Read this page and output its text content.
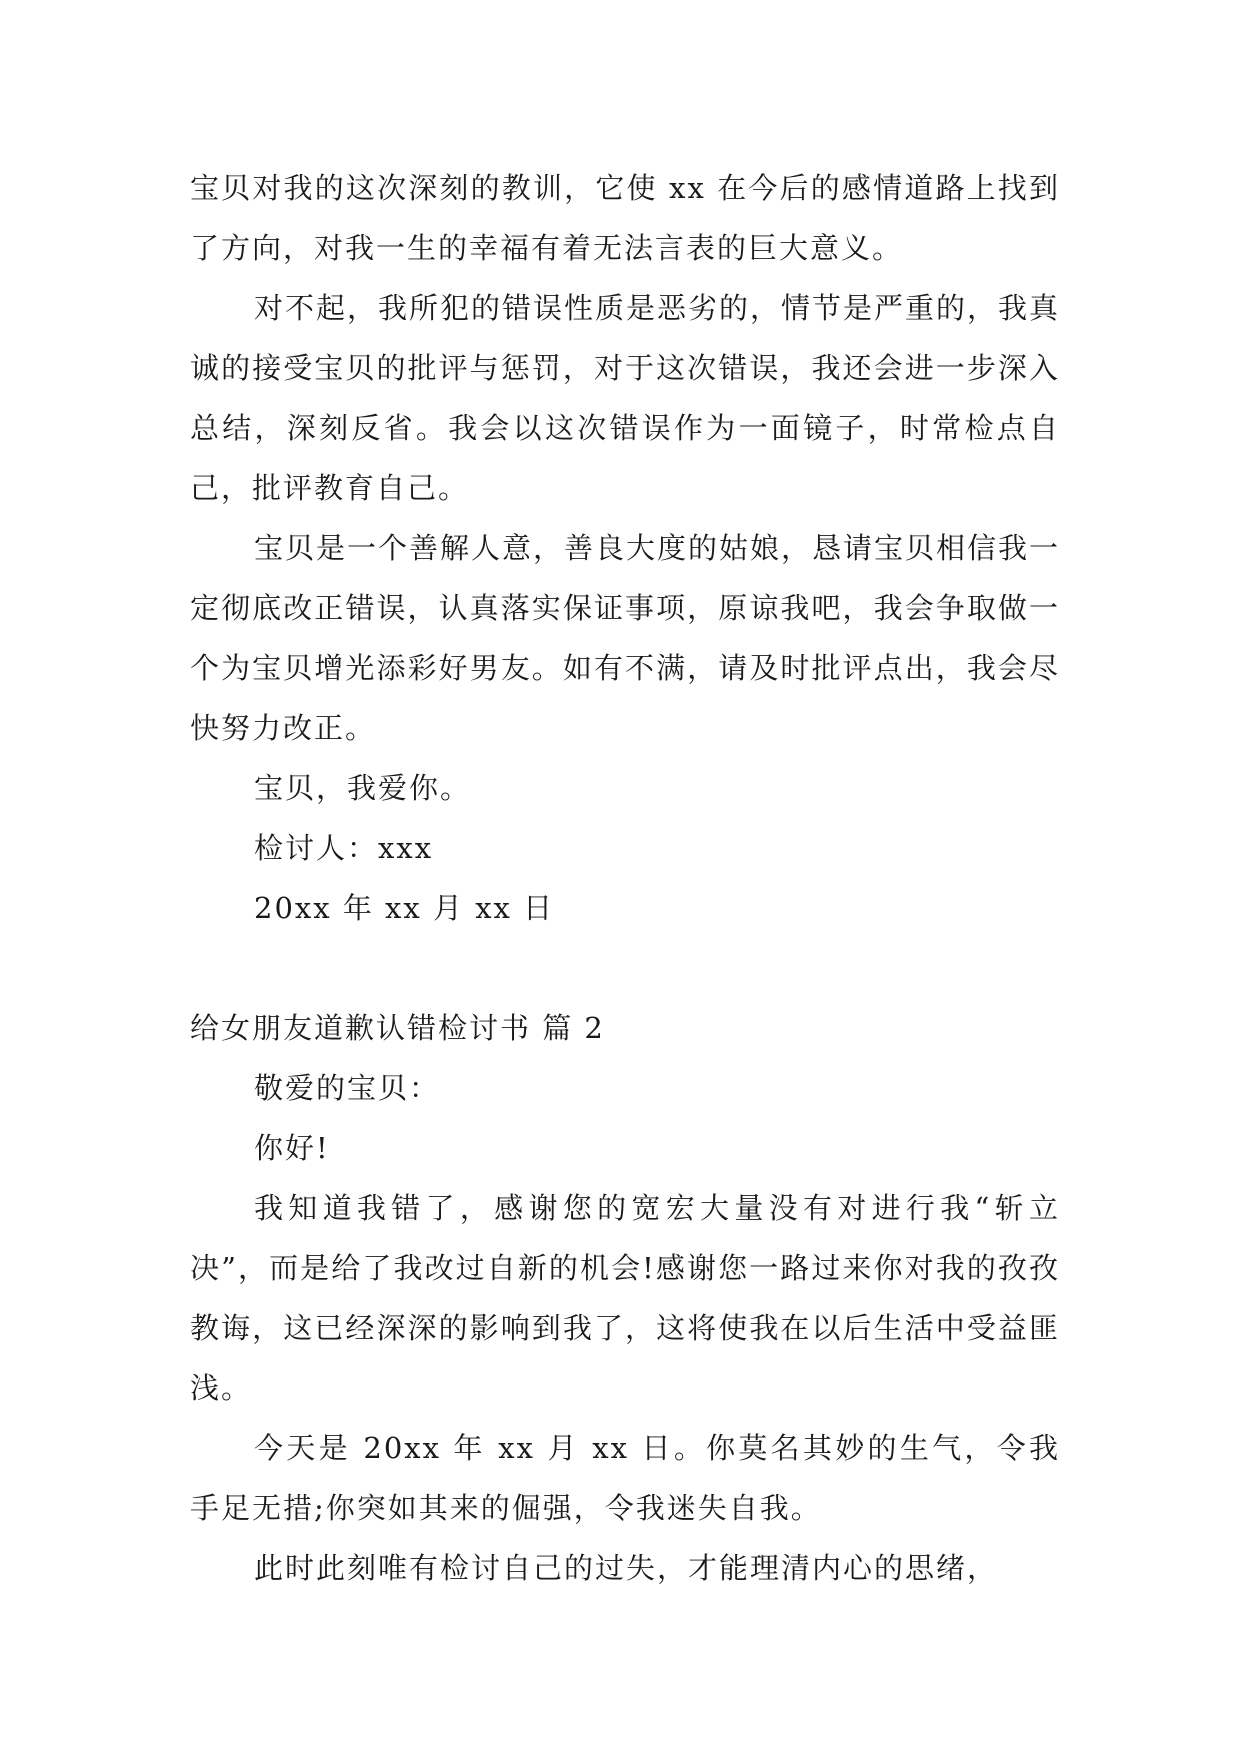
宝贝对我的这次深刻的教训，它使 xx 在今后的感情道路上找到了方向，对我一生的幸福有着无法言表的巨大意义。

对不起，我所犯的错误性质是恶劣的，情节是严重的，我真诚的接受宝贝的批评与惩罚，对于这次错误，我还会进一步深入总结，深刻反省。我会以这次错误作为一面镜子，时常检点自己，批评教育自己。

宝贝是一个善解人意，善良大度的姑娘，恳请宝贝相信我一定彻底改正错误，认真落实保证事项，原谅我吧，我会争取做一个为宝贝增光添彩好男友。如有不满，请及时批评点出，我会尽快努力改正。

宝贝，我爱你。

检讨人：xxx

20xx 年 xx 月 xx 日

给女朋友道歉认错检讨书 篇 2

敬爱的宝贝：

你好!

我知道我错了，感谢您的宽宏大量没有对进行我“斩立决”，而是给了我改过自新的机会!感谢您一路过来你对我的孜孜教诲，这已经深深的影响到我了，这将使我在以后生活中受益匪浅。

今天是 20xx 年 xx 月 xx 日。你莫名其妙的生气，令我手足无措;你突如其来的倔强，令我迷失自我。

此时此刻唯有检讨自己的过失，才能理清内心的思绪，
